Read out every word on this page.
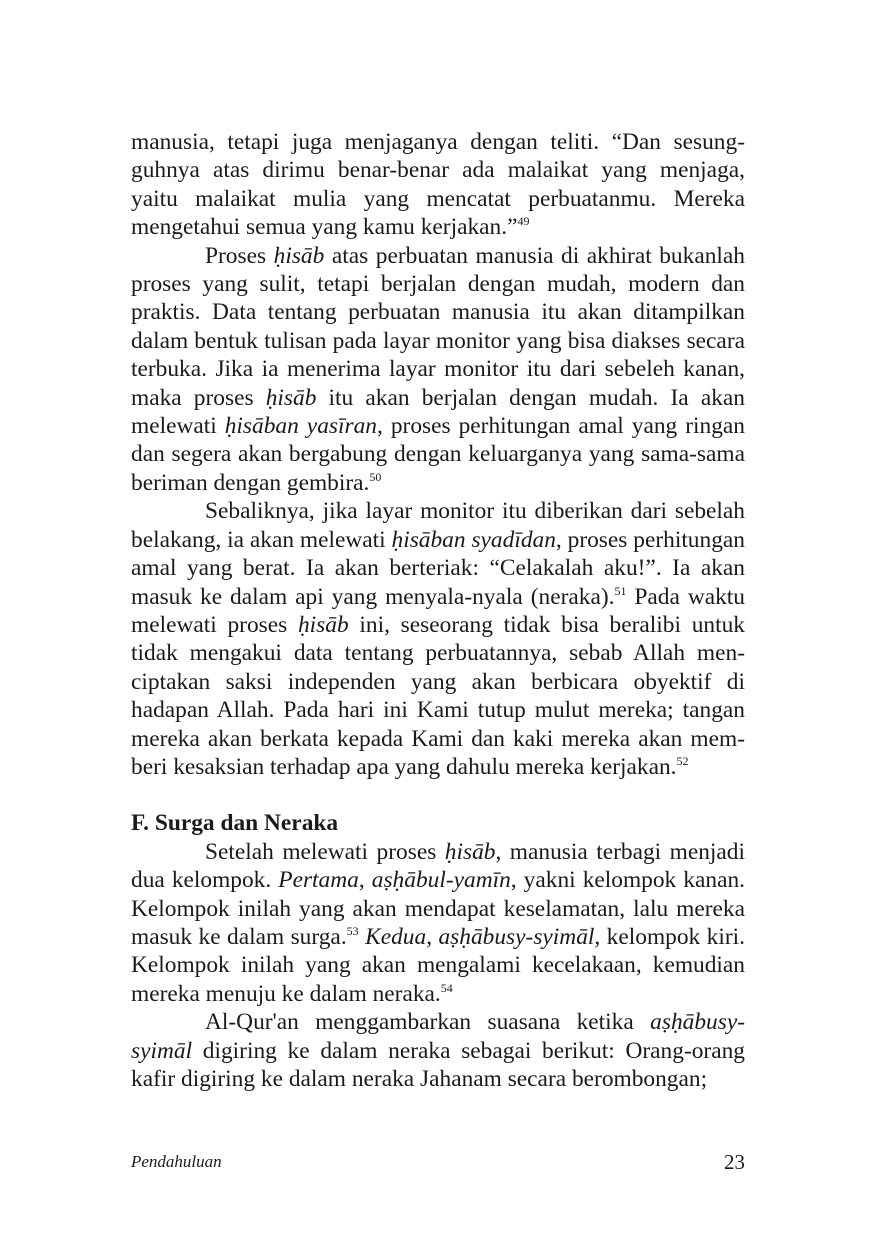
manusia, tetapi juga menjaganya dengan teliti. “Dan sesungguhnya atas dirimu benar-benar ada malaikat yang menjaga, yaitu malaikat mulia yang mencatat perbuatanmu. Mereka mengetahui semua yang kamu kerjakan.”$^{49}$

Proses ḥisāb atas perbuatan manusia di akhirat bukanlah proses yang sulit, tetapi berjalan dengan mudah, modern dan praktis. Data tentang perbuatan manusia itu akan ditampilkan dalam bentuk tulisan pada layar monitor yang bisa diakses secara terbuka. Jika ia menerima layar monitor itu dari sebeleh kanan, maka proses ḥisāb itu akan berjalan dengan mudah. Ia akan melewati ḥisāban yasīran, proses perhitungan amal yang ringan dan segera akan bergabung dengan keluarganya yang sama-sama beriman dengan gembira.$^{50}$

Sebaliknya, jika layar monitor itu diberikan dari sebelah belakang, ia akan melewati ḥisāban syadīdan, proses perhitungan amal yang berat. Ia akan berteriak: “Celakalah aku!”. Ia akan masuk ke dalam api yang menyala-nyala (neraka).$^{51}$ Pada waktu melewati proses ḥisāb ini, seseorang tidak bisa beralibi untuk tidak mengakui data tentang perbuatannya, sebab Allah menciptakan saksi independen yang akan berbicara obyektif di hadapan Allah. Pada hari ini Kami tutup mulut mereka; tangan mereka akan berkata kepada Kami dan kaki mereka akan memberi kesaksian terhadap apa yang dahulu mereka kerjakan.$^{52}$

F. Surga dan Neraka

Setelah melewati proses ḥisāb, manusia terbagi menjadi dua kelompok. Pertama, aṣḥābul-yamīn, yakni kelompok kanan. Kelompok inilah yang akan mendapat keselamatan, lalu mereka masuk ke dalam surga.$^{53}$ Kedua, aṣḥābusy-syimāl, kelompok kiri. Kelompok inilah yang akan mengalami kecelakaan, kemudian mereka menuju ke dalam neraka.$^{54}$

Al-Qur'an menggambarkan suasana ketika aṣḥābusy-syimāl digiring ke dalam neraka sebagai berikut: Orang-orang kafir digiring ke dalam neraka Jahanam secara berombongan;

Pendahuluan	23
